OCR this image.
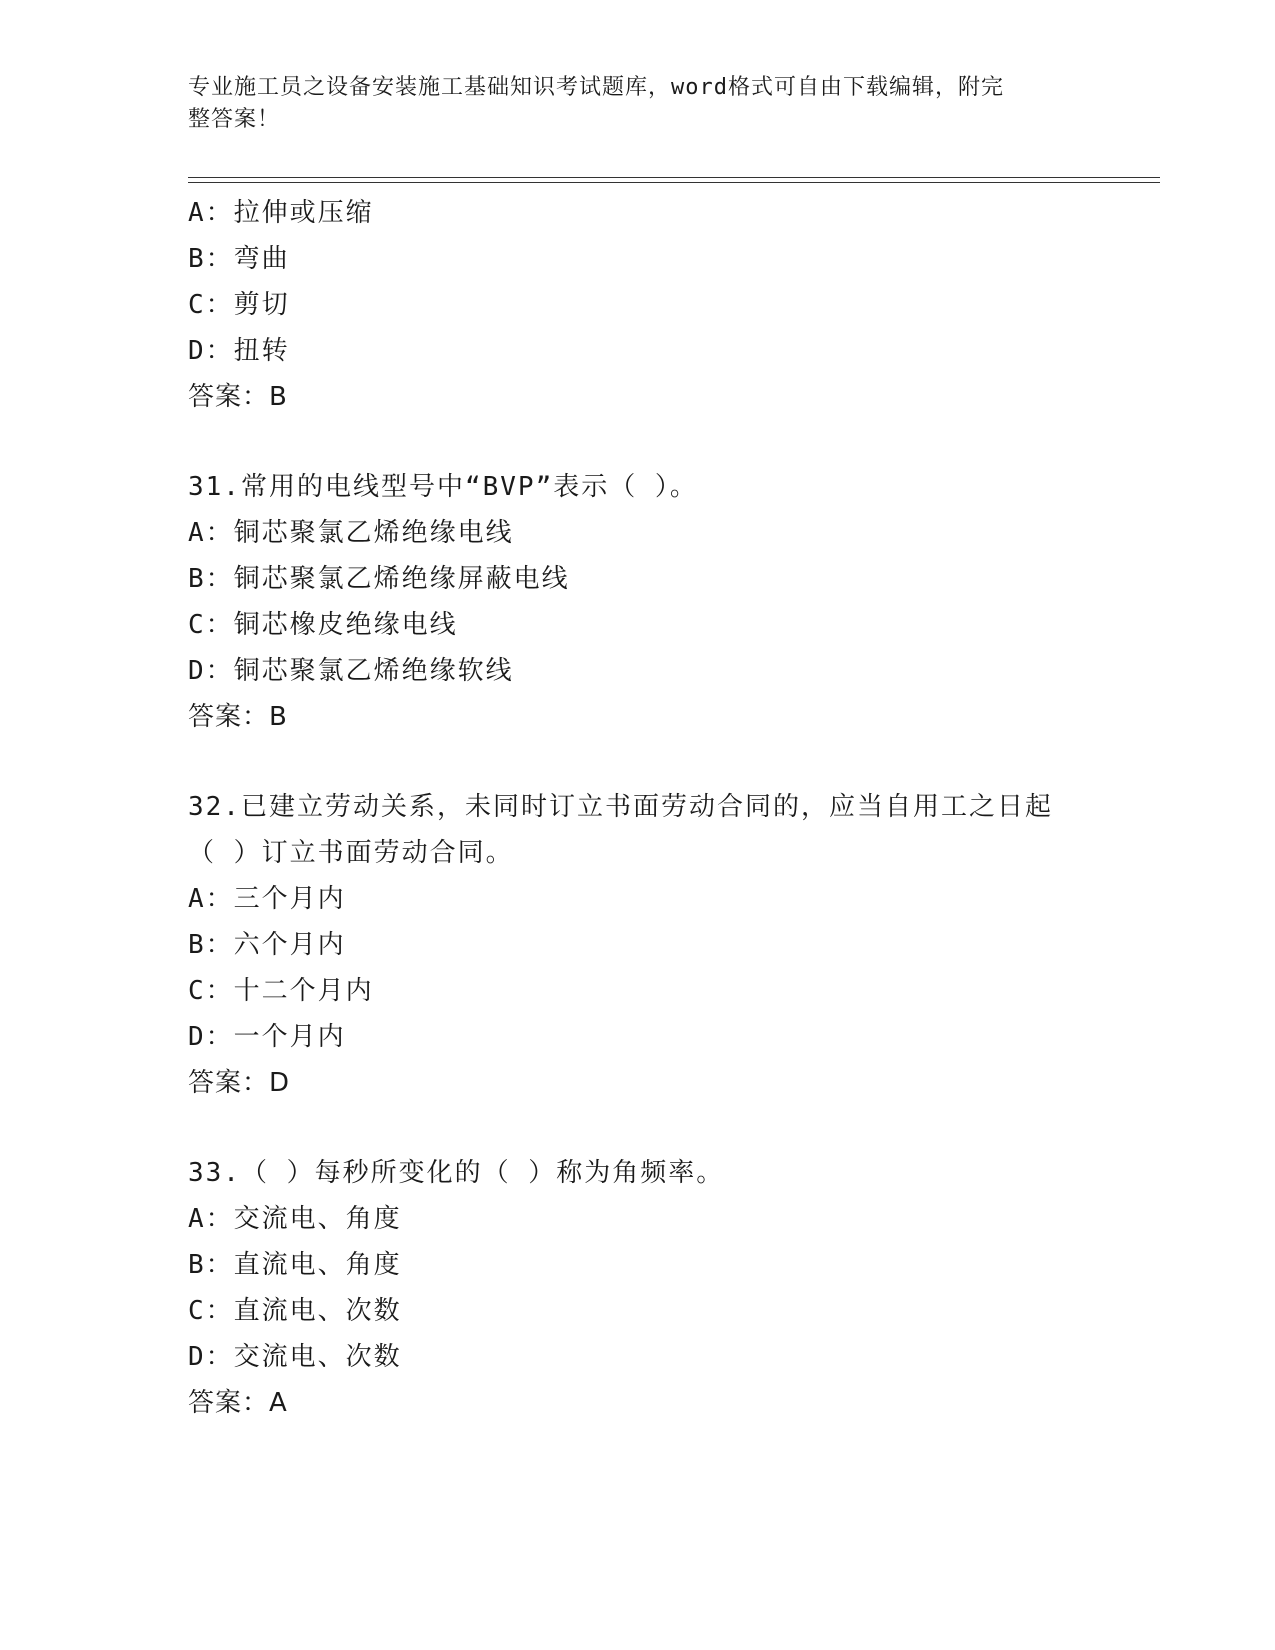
专业施工员之设备安装施工基础知识考试题库，word格式可自由下载编辑，附完
整答案！
A：拉伸或压缩
B：弯曲
C：剪切
D：扭转
答案：B
31.常用的电线型号中“BVP”表示（ ）。
A：铜芯聚氯乙烯绝缘电线
B：铜芯聚氯乙烯绝缘屏蔽电线
C：铜芯橡皮绝缘电线
D：铜芯聚氯乙烯绝缘软线
答案：B
32.已建立劳动关系，未同时订立书面劳动合同的，应当自用工之日起
（ ）订立书面劳动合同。
A：三个月内
B：六个月内
C：十二个月内
D：一个月内
答案：D
33.（ ）每秒所变化的（ ）称为角频率。
A：交流电、角度
B：直流电、角度
C：直流电、次数
D：交流电、次数
答案：A
